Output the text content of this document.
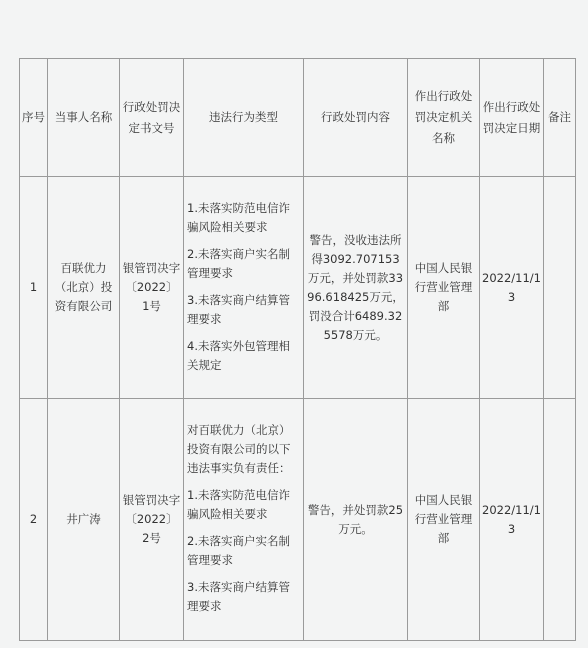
序号	当事人名称	行政处罚决定书文号	违法行为类型	行政处罚内容	作出行政处罚决定机关名称	作出行政处罚决定日期	备注
1	百联优力（北京）投资有限公司	银管罚决字〔2022〕1号	1.未落实防范电信诈骗风险相关要求

2.未落实商户实名制管理要求

3.未落实商户结算管理要求

4.未落实外包管理相关规定	警告，没收违法所得3092.707153万元，并处罚款3396.618425万元，罚没合计6489.325578万元。	中国人民银行营业管理部	2022/11/13	
2	井广涛	银管罚决字〔2022〕2号	对百联优力（北京）投资有限公司的以下违法事实负有责任：

1.未落实防范电信诈骗风险相关要求

2.未落实商户实名制管理要求

3.未落实商户结算管理要求	警告，并处罚款25万元。	中国人民银行营业管理部	2022/11/13	
